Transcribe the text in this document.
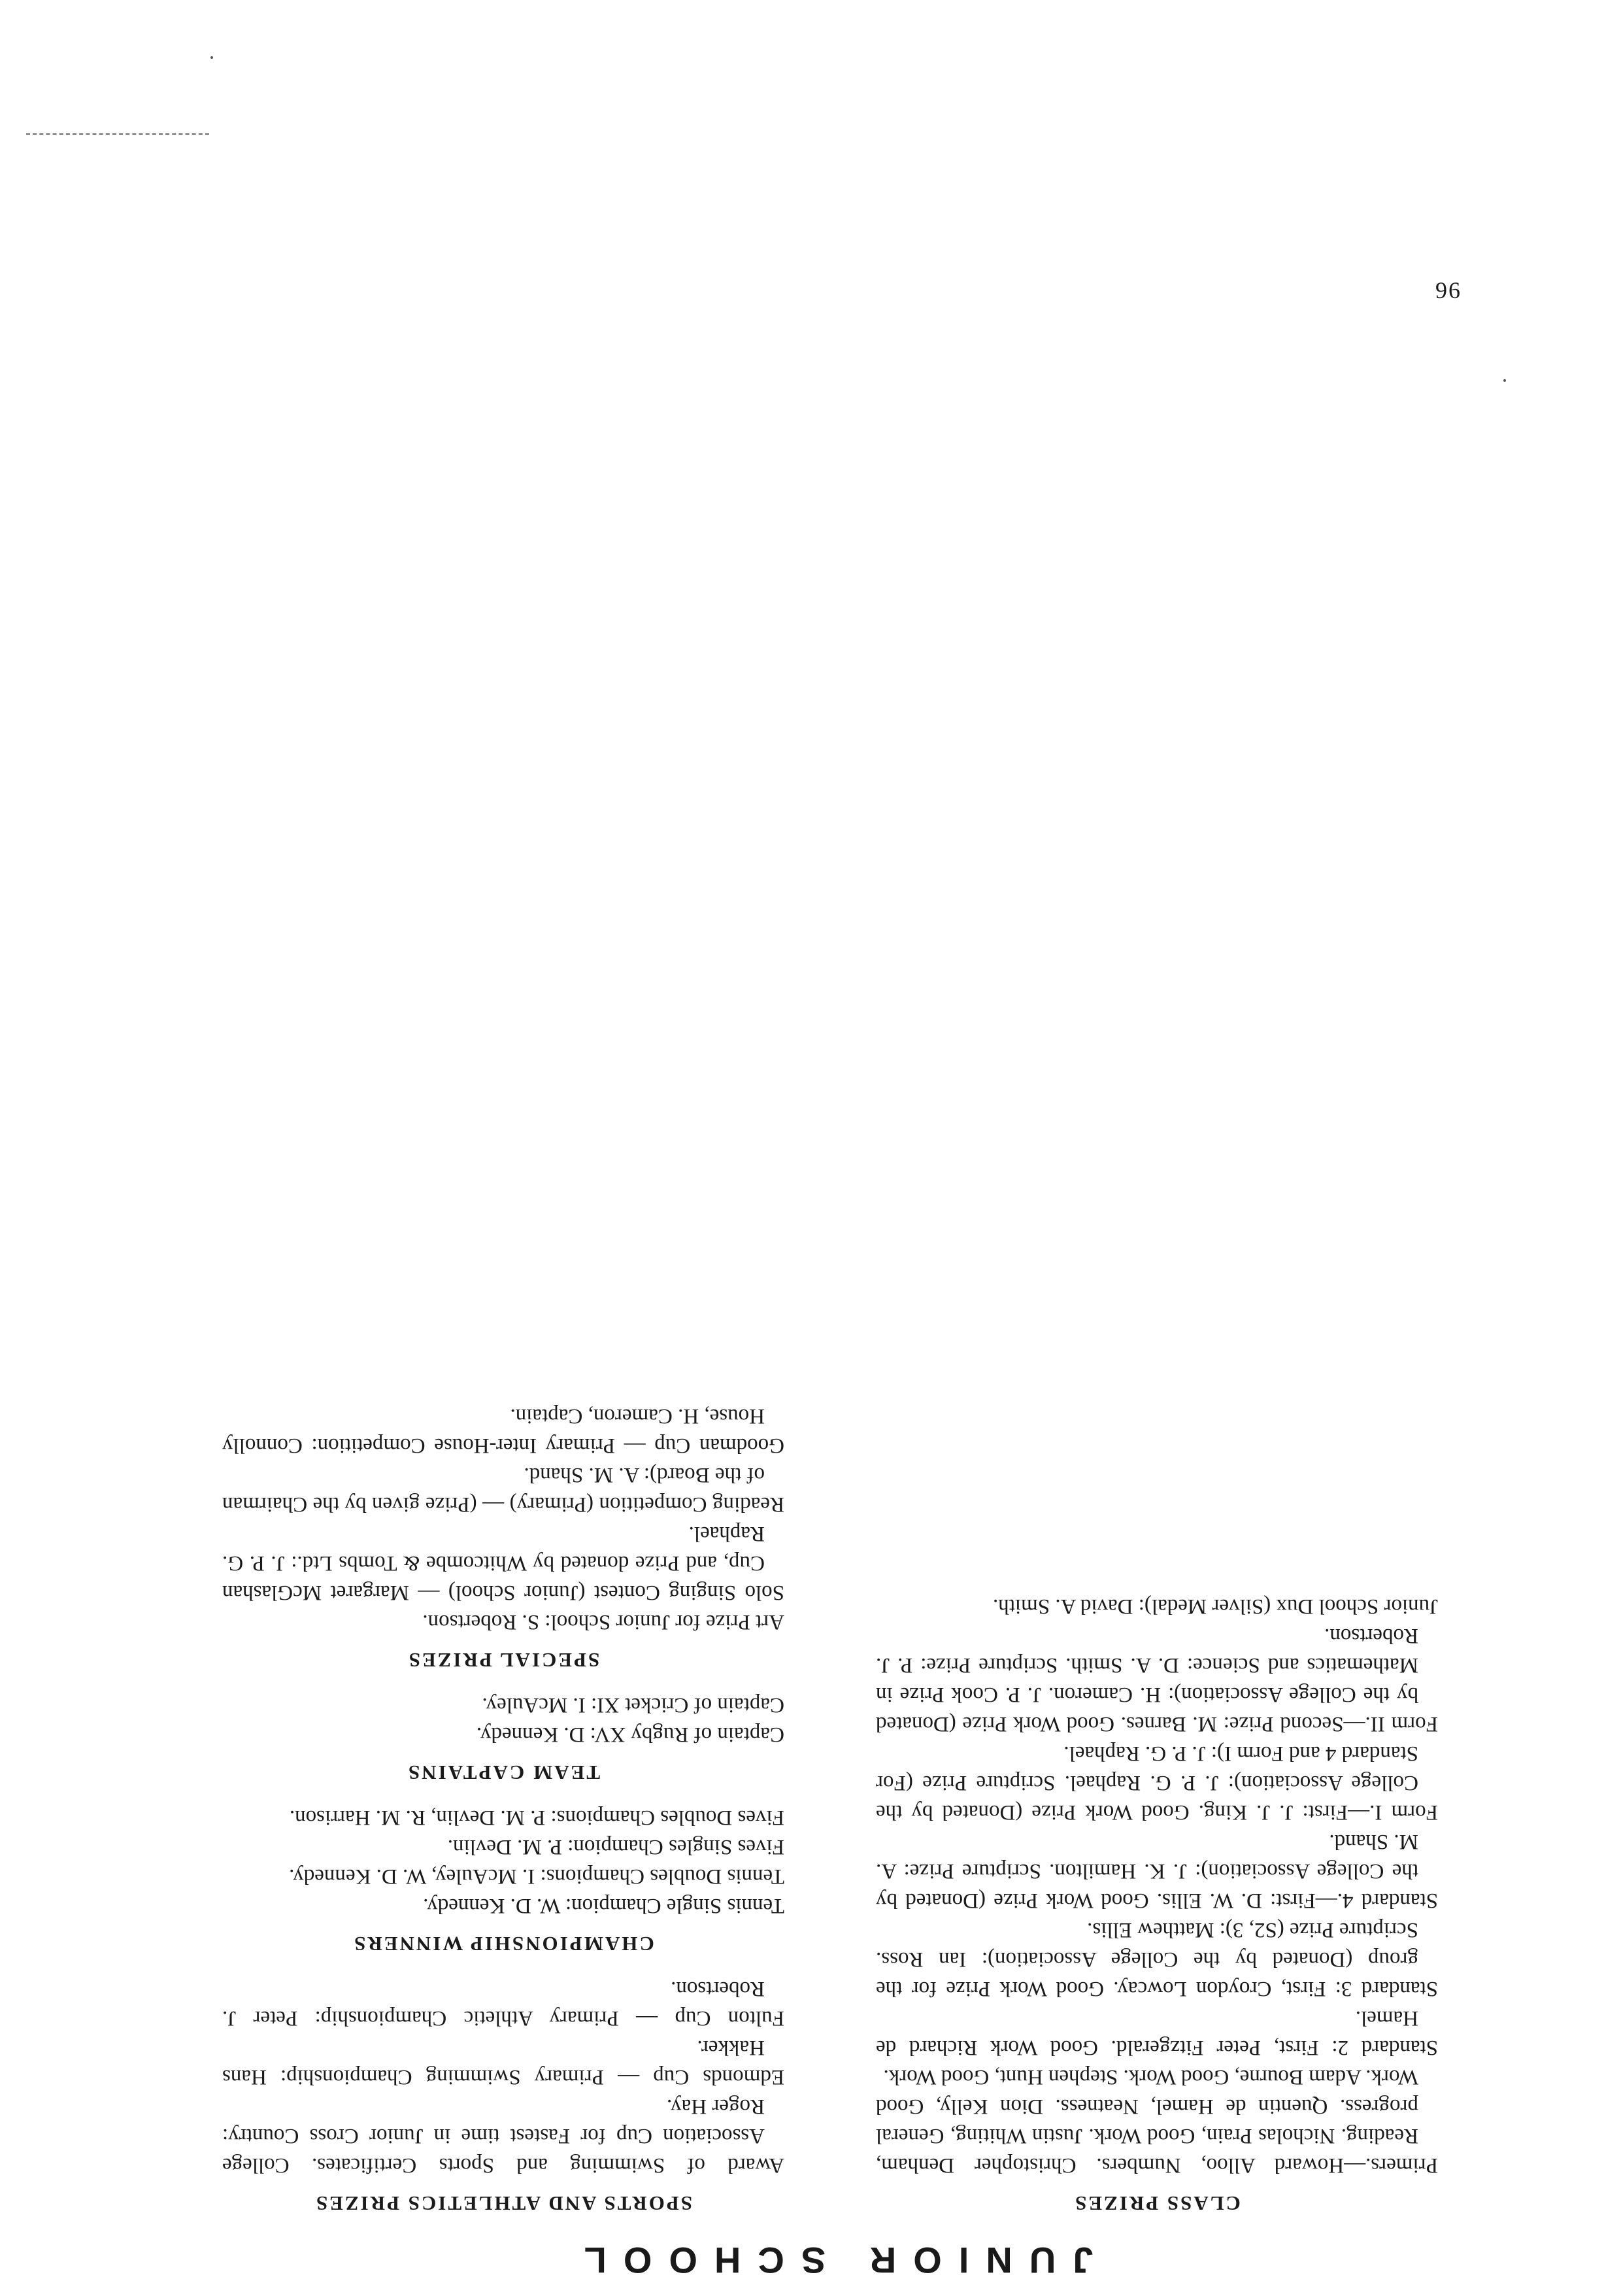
96
JUNIOR SCHOOL
CLASS PRIZES

Primers.—Howard Alloo, Numbers. Christopher Denham, Reading. Nicholas Prain, Good Work. Justin Whiting, General progress. Quentin de Hamel, Neatness. Dion Kelly, Good Work. Adam Bourne, Good Work. Stephen Hunt, Good Work.

Standard 2: First, Peter Fitzgerald. Good Work Richard de Hamel.

Standard 3: First, Croydon Lowcay. Good Work Prize for the group (Donated by the College Association): Ian Ross. Scripture Prize (S2, 3): Matthew Ellis.

Standard 4.—First: D. W. Ellis. Good Work Prize (Donated by the College Association): J. K. Hamilton. Scripture Prize: A. M. Shand.

Form I.—First: J. J. King. Good Work Prize (Donated by the College Association): J. P. G. Raphael. Scripture Prize (For Standard 4 and Form I): J. P. G. Raphael.

Form II.—Second Prize: M. Barnes. Good Work Prize (Donated by the College Association): H. Cameron. J. P. Cook Prize in Mathematics and Science: D. A. Smith. Scripture Prize: P. J. Robertson.

Junior School Dux (Silver Medal): David A. Smith.

SPORTS AND ATHLETICS PRIZES

Award of Swimming and Sports Certificates. College Association Cup for Fastest time in Junior Cross Country: Roger Hay.

Edmonds Cup — Primary Swimming Championship: Hans Hakker.

Fulton Cup — Primary Athletic Championship: Peter J. Robertson.

CHAMPIONSHIP WINNERS

Tennis Single Champion: W. D. Kennedy.

Tennis Doubles Champions: I. McAuley, W. D. Kennedy.

Fives Singles Champion: P. M. Devlin.

Fives Doubles Champions: P. M. Devlin, R. M. Harrison.

TEAM CAPTAINS

Captain of Rugby XV: D. Kennedy.

Captain of Cricket XI: I. McAuley.

SPECIAL PRIZES

Art Prize for Junior School: S. Robertson.

Solo Singing Contest (Junior School) — Margaret McGlashan Cup, and Prize donated by Whitcombe & Tombs Ltd.: J. P. G. Raphael.

Reading Competition (Primary) — (Prize given by the Chairman of the Board): A. M. Shand.

Goodman Cup — Primary Inter-House Competition: Connolly House, H. Cameron, Captain.
